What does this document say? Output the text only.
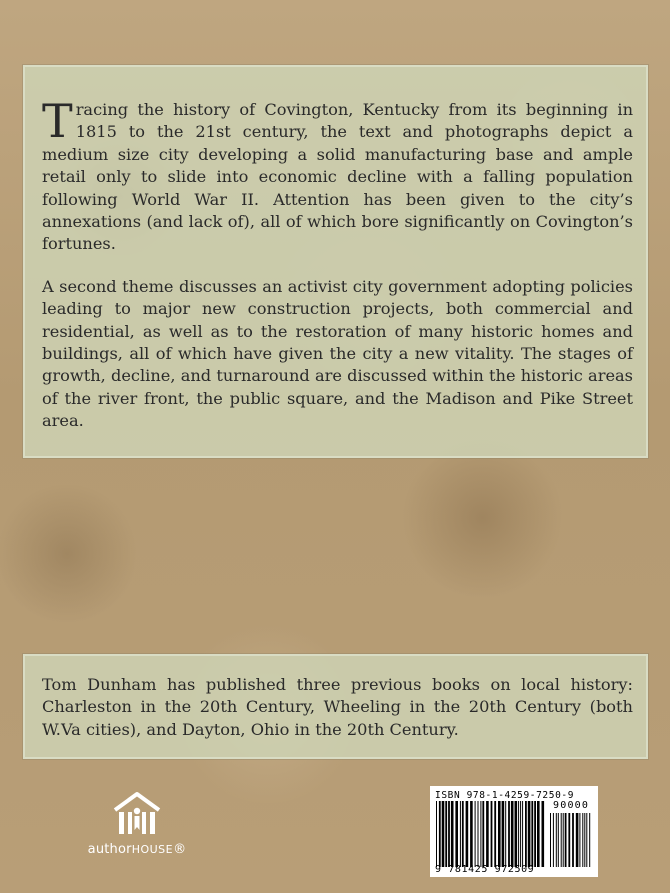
Tracing the history of Covington, Kentucky from its beginning in 1815 to the 21st century, the text and photographs depict a medium size city developing a solid manufacturing base and ample retail only to slide into economic decline with a falling population following World War II. Attention has been given to the city’s annexations (and lack of), all of which bore significantly on Covington’s fortunes.

A second theme discusses an activist city government adopting policies leading to major new construction projects, both commercial and residential, as well as to the restoration of many historic homes and buildings, all of which have given the city a new vitality. The stages of growth, decline, and turnaround are discussed within the historic areas of the river front, the public square, and the Madison and Pike Street area.

Tom Dunham has published three previous books on local history: Charleston in the 20th Century, Wheeling in the 20th Century (both W.Va cities), and Dayton, Ohio in the 20th Century.

authorHOUSE®
ISBN 978-1-4259-7250-9
90000
9 781425 972509
